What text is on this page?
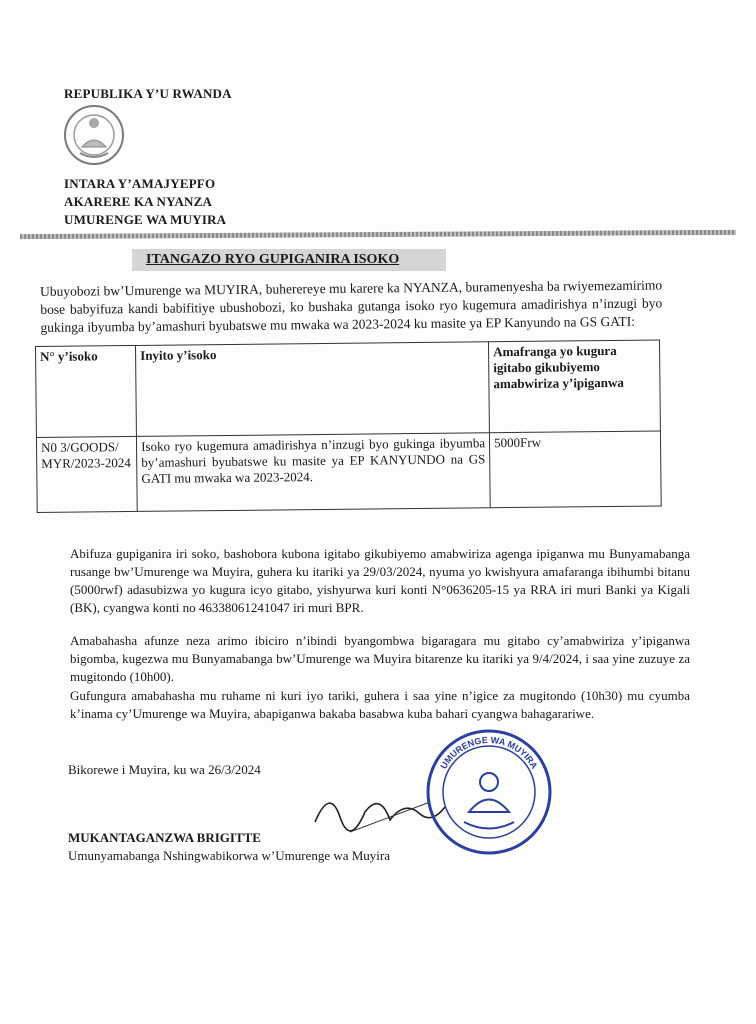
REPUBLIKA Y’U RWANDA
INTARA Y’AMAJYEPFO
AKARERE KA NYANZA
UMURENGE WA MUYIRA
ITANGAZO RYO GUPIGANIRA ISOKO
Ubuyobozi bw’Umurenge wa MUYIRA, buherereye mu karere ka NYANZA, buramenyesha ba rwiyemezamirimo bose babyifuza kandi babifitiye ubushobozi, ko bushaka gutanga isoko ryo kugemura amadirishya n’inzugi byo gukinga ibyumba by’amashuri byubatswe mu mwaka wa 2023-2024 ku masite ya EP Kanyundo na GS GATI:
N° y’isoko	Inyito y’isoko	Amafranga yo kugura igitabo gikubiyemo amabwiriza y’ipiganwa
N0 3/GOODS/ MYR/2023-2024	Isoko ryo kugemura amadirishya n’inzugi byo gukinga ibyumba by’amashuri byubatswe ku masite ya EP KANYUNDO na GS GATI mu mwaka wa 2023-2024.	5000Frw
Abifuza gupiganira iri soko, bashobora kubona igitabo gikubiyemo amabwiriza agenga ipiganwa mu Bunyamabanga rusange bw’Umurenge wa Muyira, guhera ku itariki ya 29/03/2024, nyuma yo kwishyura amafaranga ibihumbi bitanu (5000rwf) adasubizwa yo kugura icyo gitabo, yishyurwa kuri konti N°0636205-15 ya RRA iri muri Banki ya Kigali (BK), cyangwa konti no 46338061241047 iri muri BPR.
Amabahasha afunze neza arimo ibiciro n’ibindi byangombwa bigaragara mu gitabo cy’amabwiriza y’ipiganwa bigomba, kugezwa mu Bunyamabanga bw’Umurenge wa Muyira bitarenze ku itariki ya 9/4/2024, i saa yine zuzuye za mugitondo (10h00).
Gufungura amabahasha mu ruhame ni kuri iyo tariki, guhera i saa yine n’igice za mugitondo (10h30) mu cyumba k’inama cy’Umurenge wa Muyira, abapiganwa bakaba basabwa kuba bahari cyangwa bahagarariwe.
Bikorewe i Muyira, ku wa 26/3/2024	UMURENGE WA MUYIRA
MUKANTAGANZWA BRIGITTE
Umunyamabanga Nshingwabikorwa w’Umurenge wa Muyira
